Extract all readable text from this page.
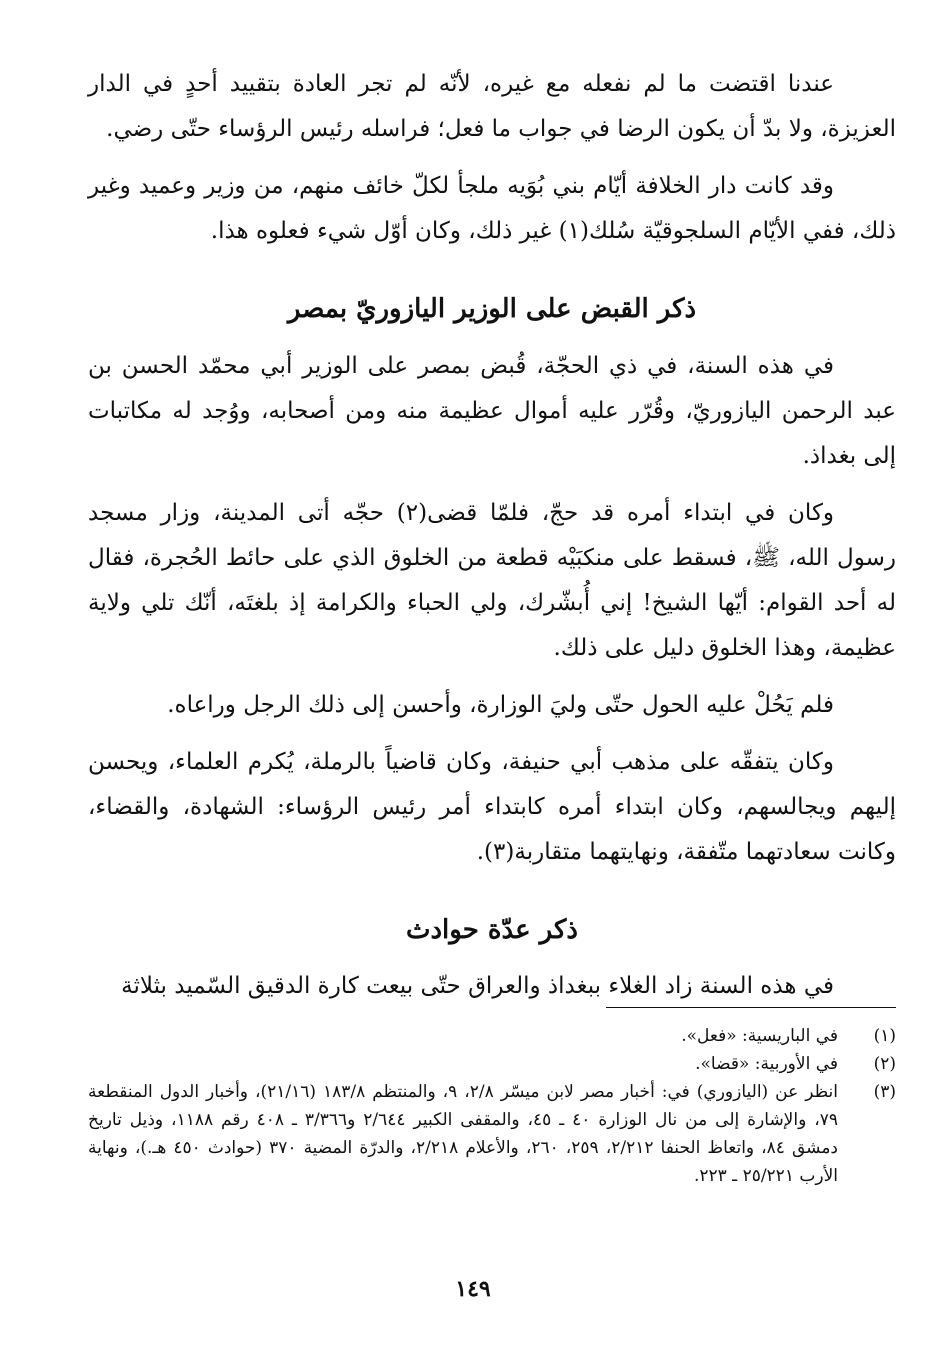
عندنا اقتضت ما لم نفعله مع غيره، لأنّه لم تجر العادة بتقييد أحدٍ في الدار العزيزة، ولا بدّ أن يكون الرضا في جواب ما فعل؛ فراسله رئيس الرؤساء حتّى رضي.

وقد كانت دار الخلافة أيّام بني بُوَيه ملجأ لكلّ خائف منهم، من وزير وعميد وغير ذلك، ففي الأيّام السلجوقيّة سُلك(١) غير ذلك، وكان أوّل شيء فعلوه هذا.

ذكر القبض على الوزير اليازوريّ بمصر

في هذه السنة، في ذي الحجّة، قُبض بمصر على الوزير أبي محمّد الحسن بن عبد الرحمن اليازوريّ، وقُرّر عليه أموال عظيمة منه ومن أصحابه، ووُجد له مكاتبات إلى بغداذ.

وكان في ابتداء أمره قد حجّ، فلمّا قضى(٢) حجّه أتى المدينة، وزار مسجد رسول الله، ﷺ، فسقط على منكبَيْه قطعة من الخلوق الذي على حائط الحُجرة، فقال له أحد القوام: أيّها الشيخ! إني أُبشّرك، ولي الحباء والكرامة إذ بلغتَه، أنّك تلي ولاية عظيمة، وهذا الخلوق دليل على ذلك.

فلم يَحُلْ عليه الحول حتّى وليَ الوزارة، وأحسن إلى ذلك الرجل وراعاه.

وكان يتفقّه على مذهب أبي حنيفة، وكان قاضياً بالرملة، يُكرم العلماء، ويحسن إليهم ويجالسهم، وكان ابتداء أمره كابتداء أمر رئيس الرؤساء: الشهادة، والقضاء، وكانت سعادتهما متّفقة، ونهايتهما متقاربة(٣).

ذكر عدّة حوادث

في هذه السنة زاد الغلاء ببغداذ والعراق حتّى بيعت كارة الدقيق السّميد بثلاثة

(١)
في الباريسية: «فعل».
(٢)
في الأوربية: «قضا».
(٣)
انظر عن (اليازوري) في: أخبار مصر لابن ميسّر ٢/٨، ٩، والمنتظم ١٨٣/٨ (٢١/١٦)، وأخبار الدول المنقطعة ٧٩، والإشارة إلى من نال الوزارة ٤٠ ـ ٤٥، والمقفى الكبير ٢/٦٤٤ و٣/٣٦٦ ـ ٤٠٨ رقم ١١٨٨، وذيل تاريخ دمشق ٨٤، واتعاظ الحنفا ٢/٢١٢، ٢٥٩، ٢٦٠، والأعلام ٢/٢١٨، والدرّة المضية ٣٧٠ (حوادث ٤٥٠ هـ.)، ونهاية الأرب ٢٥/٢٢١ ـ ٢٢٣.
١٤٩
